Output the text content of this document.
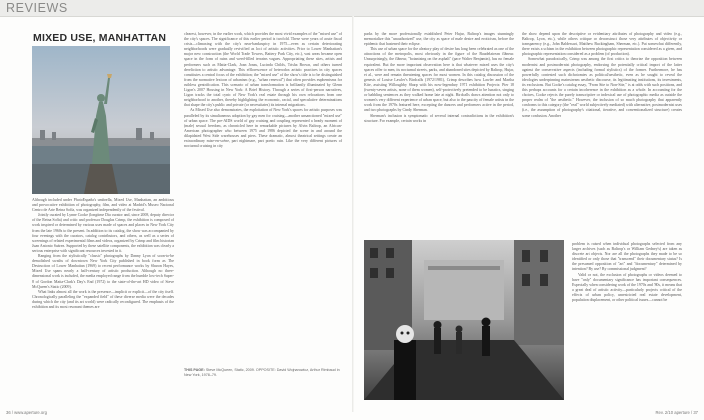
REVIEWS
MIXED USE, MANHATTAN

Although included under PhotoEspaña's umbrella, Mixed Use, Manhattan, an ambitious and provocative exhibition of photography, film, and video at Madrid's Museo Nacional Centro de Arte Reina Sofía, was organized independently of the festival.

Jointly curated by Lynne Cooke (longtime Dia curator and, since 2008, deputy director of the Reina Sofía) and critic and professor Douglas Crimp, the exhibition is composed of work inspired or determined by various uses made of spaces and places in New York City from the late 1960s to the present. In addition to its catalog, the show was accompanied by four evenings with the curators, catalog contributors, and others, as well as a series of screenings of related experimental films and videos, organized by Crimp and film historian Juan Antonio Suárez. Supported by these satellite components, the exhibition was clearly a serious enterprise with significant resources invested in it.

Ranging from the stylistically "classic" photographs by Danny Lyon of soon-to-be demolished swaths of downtown New York City published in book form as The Destruction of Lower Manhattan (1969) to recent performance works by Sharon Hayes, Mixed Use spans nearly a half-century of artistic production. Although no three-dimensional work is included, the media employed range from the humble low-tech Super-8 of Gordon Matta-Clark's Day's End (1972) to the state-of-the-art HD video of Steve McQueen's Static (2009).

What links almost all the work is the presence—implicit or explicit—of the city itself. Chronologically paralleling the "expanded field" of these diverse media were the decades during which the city (and its art world) were radically reconfigured. The emphasis of the exhibition and its most resonant themes are

clearest, however, in the earlier work, which provides the most vivid examples of the "mixed use" of the city's spaces. The significance of this earlier period is twofold. These were years of acute fiscal crisis—climaxing with the city's near-bankruptcy in 1975—even as certain deteriorating neighborhoods were gradually revivified as loci of artistic activities. Prior to Lower Manhattan's major new construction (the World Trade Towers, Battery Park City, etc.), vast areas became open space in the form of ruins and weed-filled terrains vagues. Appropriating these sites, artists and performers such as Matta-Clark, Joan Jonas, Lucinda Childs, Trisha Brown, and others turned dereliction to artistic advantage. This efflorescence of heterodox artistic practices in city spaces constitutes a central focus of the exhibition; the "mixed use" of the show's title is to be distinguished from the normative lexicon of urbanism (e.g., "urban renewal") that often provides euphemisms for ruthless gentrification. This scenario of urban transformation is brilliantly illuminated by Glenn Ligon's 2007 Housing in New York: A Brief History. Through a series of first-person narratives, Ligon tracks the total cynic of New York's real estate through his own relocations from one neighborhood to another, thereby highlighting the economic, racial, and speculative determinations that shape the city's public and private (or necessitates) its internal migrations.

As Mixed Use also demonstrates, the exploitation of New York's spaces for artistic purposes was paralleled by its simultaneous adoption by gay men for cruising—another unsanctioned "mixed use" of urban space. The pre-AIDS world of gay cruising and coupling represented a heady moment of (male) sexual freedom, as chronicled here in remarkable pictures by Alvin Baltrop, an African-American photographer who between 1975 and 1986 depicted the scene in and around the dilapidated West Side warehouses and piers. These dramatic, almost theatrical settings create an extraordinary mise-en-scène, part nightmare, part poetic ruin. Like the very different pictures of nocturnal cruising in city

THIS PAGE: Steve McQueen, Static, 2009. OPPOSITE: David Wojnarowicz, Arthur Rimbaud in New York, 1978–79.

parks by the more professionally established Peter Hujar, Baltrop's images stunningly memorialize this "unauthorized" use, the city as space of male desire and eroticism, before the epidemic that hastened their eclipse.

This use of urban space for the aleatory play of desire has long been celebrated as one of the attractions of the metropolis, most obviously in the figure of the Baudelairean flâneur. Unsurprisingly, the flâneur, "botanizing on the asphalt" (pace Walter Benjamin), has no female equivalent. But the more important observation here is that whatever mixed uses the city's spaces offer to men, its nocturnal streets, parks, and abandoned sites depicted by Baltrop, Hujar, et al., were and remain threatening spaces for most women. In this catalog discussion of the genesis of Louise Lawler's Birdcalls (1972/1981), Crimp describes how Lawler and Martha Kite, assisting Willoughby Sharp with his now-legendary 1971 exhibition Projects: Pier 18 (twenty-seven artists, none of them women), self-protectively pretended to be lunatics, singing or babbling sentences as they walked home late at night. Birdcalls draws attention not only to women's very different experience of urban space, but also to the paucity of female artists in the work from the 1970s featured here, excepting the dancers and performers active in the period, and two photographs by Cindy Sherman.

Sherman's inclusion is symptomatic of several internal contradictions in the exhibition's structure. For example, certain works in

the show depend upon the descriptive or evidentiary attributes of photography and video (e.g., Baltrop, Lyon, etc.), while others critique or deconstruct those very attributes of objectivity or transparency (e.g., John Baldessari, Matthew Buckingham, Sherman, etc.). Put somewhat differently, there exists a schism in the exhibition between photographic representation considered as a given, and photographic representation considered as a problem (of production).

Somewhat paradoxically, Crimp was among the first critics to theorize the opposition between modernist and postmodernist photography, endorsing the potentially critical import of the latter against the conservative aspects (including formal stylistics) of the former. Furthermore, he has powerfully contested such dichotomies as political/aesthetic, even as he sought to reveal the ideologies underpinning mainstream aesthetic discourse, its legitimating institutions, its investments, its exclusions. But Cooke's catalog essay, "From Site to Non-Site," is at odds with such positions, and this perhaps accounts for a certain incoherence in the exhibition as a whole. In accounting for the choices, Cooke rejects the purely transcriptive or indexical use of photographic media as outside the proper realm of "the aesthetic." However, the inclusion of so much photography that apparently conforms to this category (the "real" world subjectively mediated) with alternative, postmodernist uses (i.e., the assumption of photography's citational, iterative, and conventionalized structure) creates some confusion. Another

problem is raised when individual photographs selected from any larger archives (such as Baltrop's or William Gedney's) are taken as discrete art objects. Nor are all the photographs they made to be so identified or only those that "transcend" their documentary status? Is the presumed opposition of "art" and "documentary" determined by intention? By use? By commissional judgment?

Valid or not, the exclusion of photographs or videos deemed to have "only" documentary significance has important consequences. Especially when considering work of the 1970s and '80s, it means that a great deal of artistic activity—particularly projects critical of the effects of urban policy, unrestricted real estate development, population displacement, or other political issues—cannot be

36 / www.aperture.org	Rev. 2/10 aperture / 37
